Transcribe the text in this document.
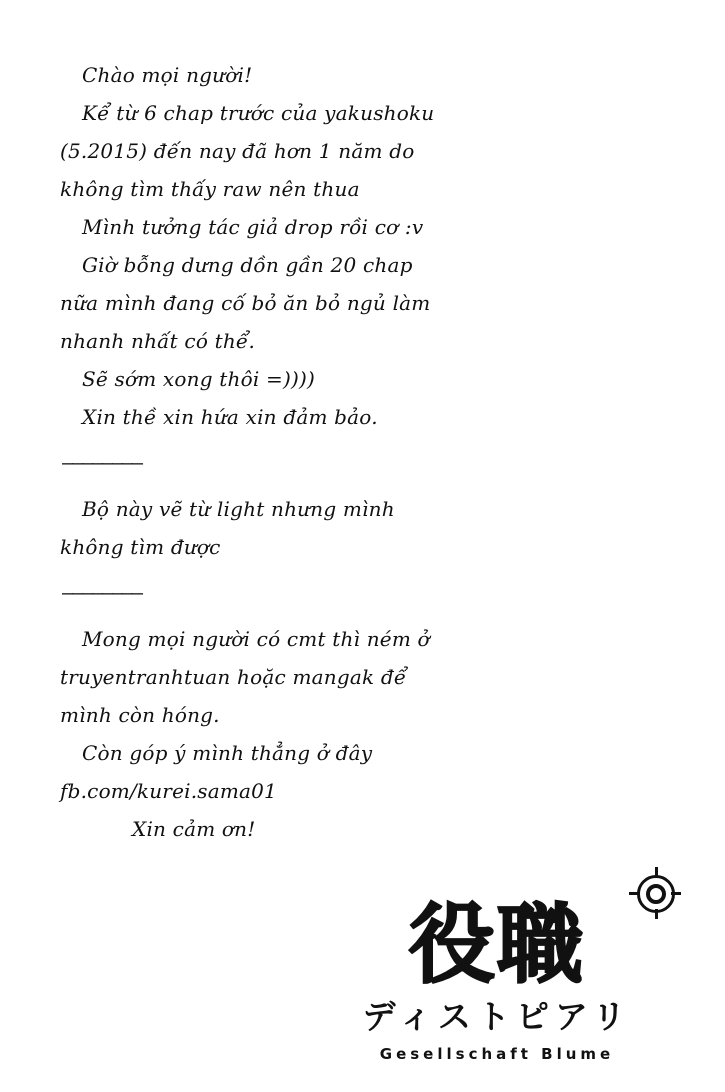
Chào mọi người!
Kể từ 6 chap trước của yakushoku
(5.2015) đến nay đã hơn 1 năm do
không tìm thấy raw nên thua
Mình tưởng tác giả drop rồi cơ :v
Giờ bỗng dưng dồn gần 20 chap
nữa mình đang cố bỏ ăn bỏ ngủ làm
nhanh nhất có thể.
Sẽ sớm xong thôi =))))
Xin thề xin hứa xin đảm bảo.
————————
Bộ này vẽ từ light nhưng mình
không tìm được
————————
Mong mọi người có cmt thì ném ở
truyentranhtuan hoặc mangak để
mình còn hóng.
Còn góp ý mình thẳng ở đây
fb.com/kurei.sama01
Xin cảm ơn!
役職
ディストピアリ
Gesellschaft Blume
